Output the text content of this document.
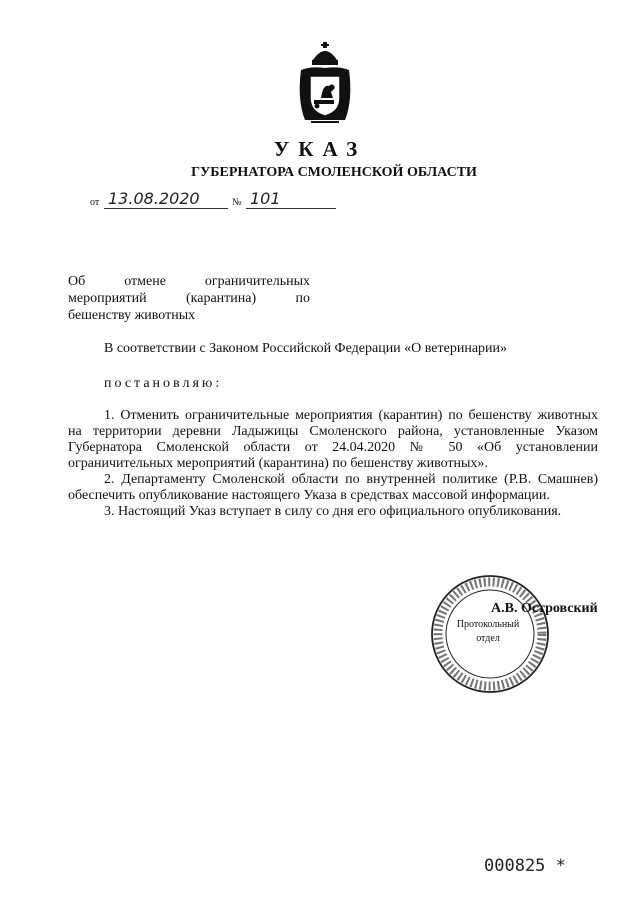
УКАЗ
ГУБЕРНАТОРА СМОЛЕНСКОЙ ОБЛАСТИ
от 13.08.2020	№ 101
Об отмене ограничительных
мероприятий (карантина) по
бешенству животных
В соответствии с Законом Российской Федерации «О ветеринарии»
постановляю:

1. Отменить ограничительные мероприятия (карантин) по бешенству животных на территории деревни Ладыжицы Смоленского района, установленные Указом Губернатора Смоленской области от 24.04.2020 № 50 «Об установлении ограничительных мероприятий (карантина) по бешенству животных».

2. Департаменту Смоленской области по внутренней политике (Р.В. Смашнев) обеспечить опубликование настоящего Указа в средствах массовой информации.

3. Настоящий Указ вступает в силу со дня его официального опубликования.

Протокольный
отдел
А.В. Островский
000825 *
